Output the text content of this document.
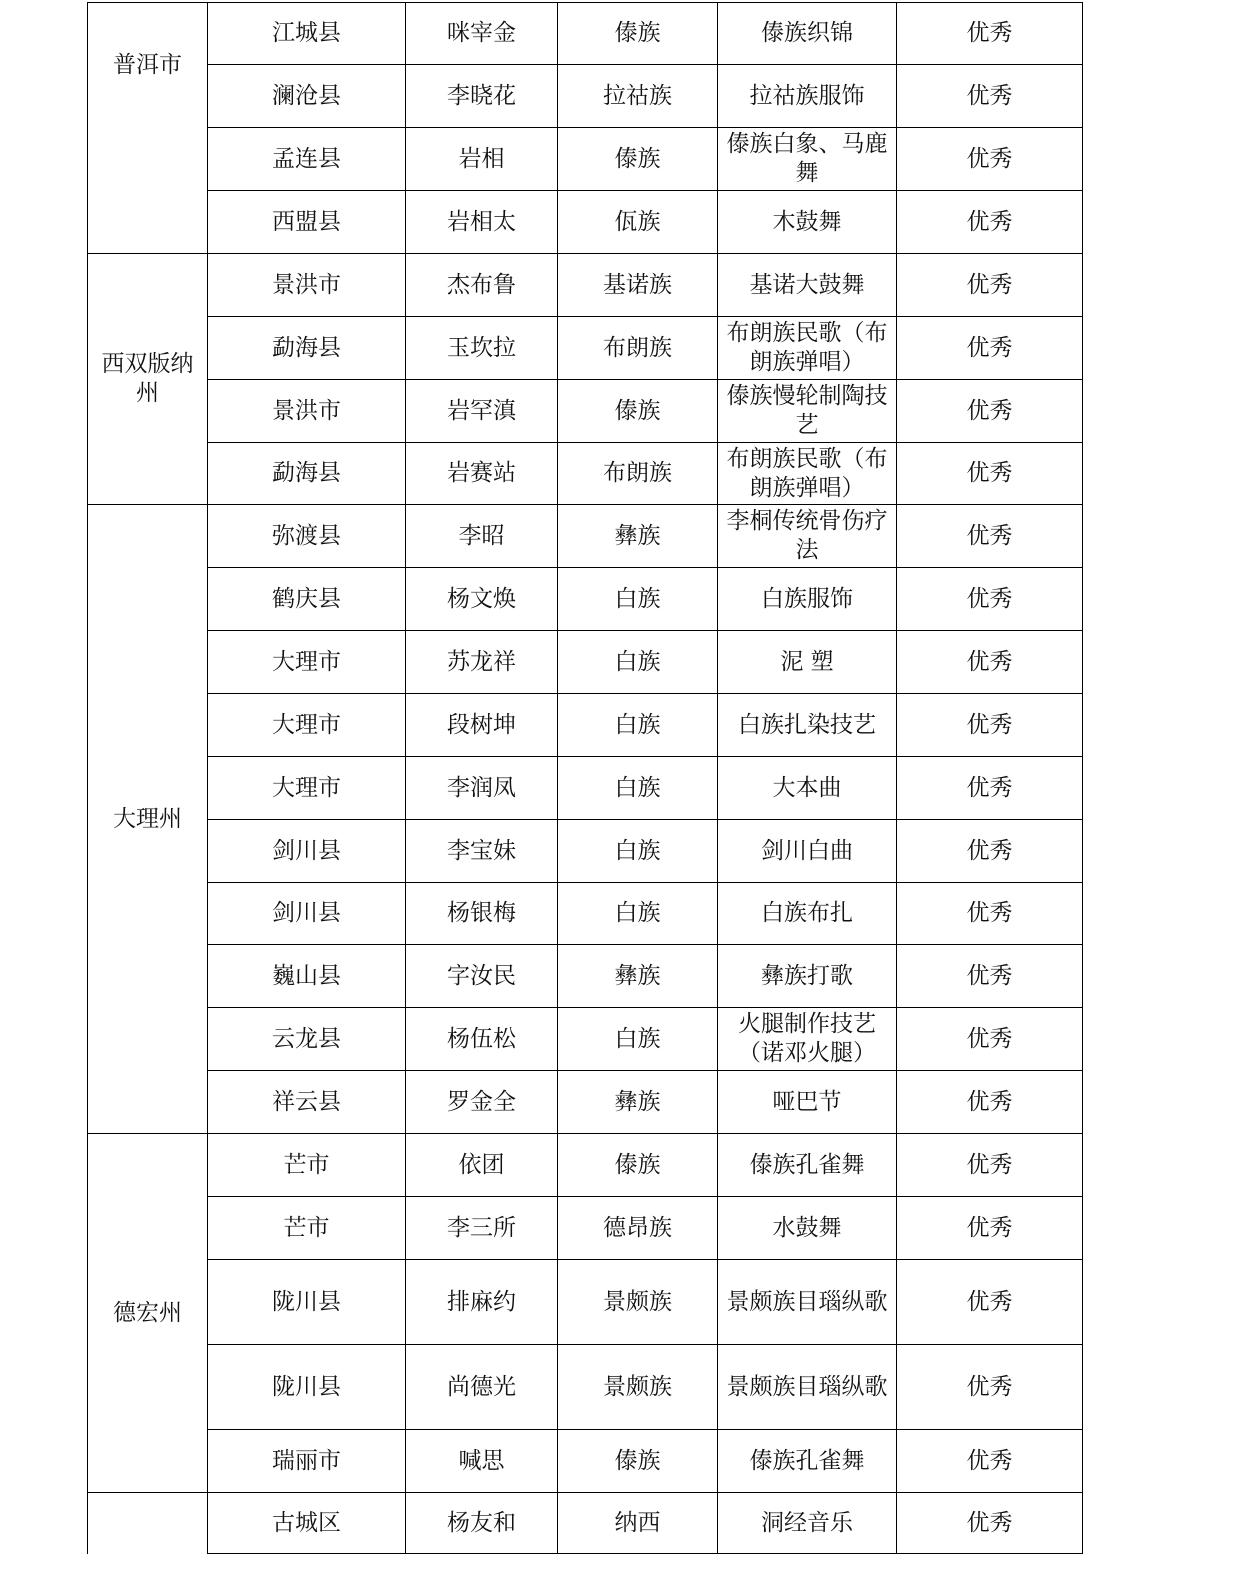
普洱市	江城县	咪宰金	傣族	傣族织锦	优秀
	澜沧县	李晓花	拉祜族	拉祜族服饰	优秀
	孟连县	岩相	傣族	傣族白象、马鹿舞	优秀
	西盟县	岩相太	佤族	木鼓舞	优秀
西双版纳州	景洪市	杰布鲁	基诺族	基诺大鼓舞	优秀
	勐海县	玉坎拉	布朗族	布朗族民歌（布朗族弹唱）	优秀
	景洪市	岩罕滇	傣族	傣族慢轮制陶技艺	优秀
	勐海县	岩赛站	布朗族	布朗族民歌（布朗族弹唱）	优秀
大理州	弥渡县	李昭	彝族	李桐传统骨伤疗法	优秀
	鹤庆县	杨文焕	白族	白族服饰	优秀
	大理市	苏龙祥	白族	泥 塑	优秀
	大理市	段树坤	白族	白族扎染技艺	优秀
	大理市	李润凤	白族	大本曲	优秀
	剑川县	李宝妹	白族	剑川白曲	优秀
	剑川县	杨银梅	白族	白族布扎	优秀
	巍山县	字汝民	彝族	彝族打歌	优秀
	云龙县	杨伍松	白族	火腿制作技艺（诺邓火腿）	优秀
	祥云县	罗金全	彝族	哑巴节	优秀
德宏州	芒市	依团	傣族	傣族孔雀舞	优秀
	芒市	李三所	德昂族	水鼓舞	优秀
	陇川县	排麻约	景颇族	景颇族目瑙纵歌	优秀
	陇川县	尚德光	景颇族	景颇族目瑙纵歌	优秀
	瑞丽市	喊思	傣族	傣族孔雀舞	优秀
	古城区	杨友和	纳西	洞经音乐	优秀
